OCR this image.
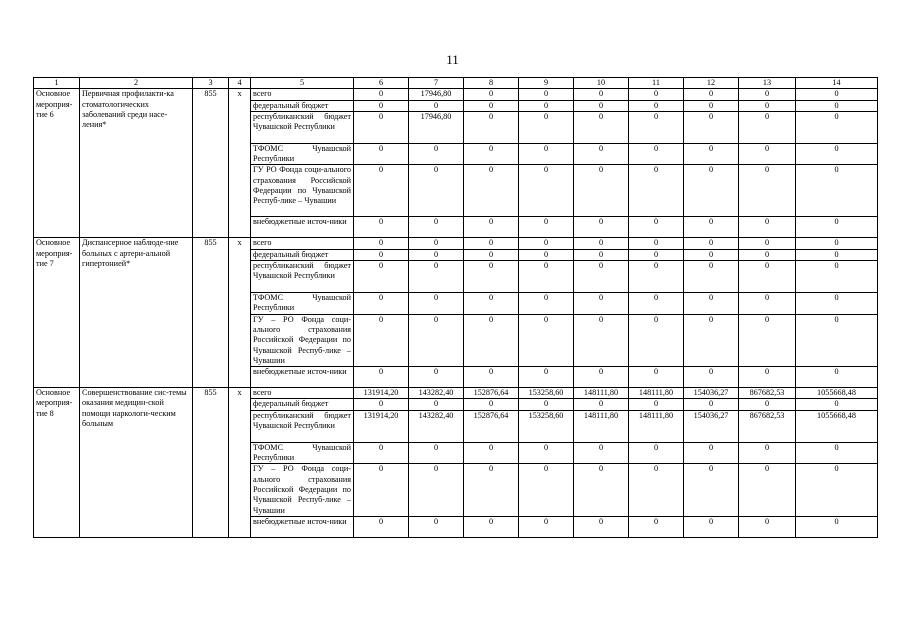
11
1	2	3	4	5	6	7	8	9	10	11	12	13	14
Основное мероприя-тие 6	Первичная профилакти-ка стоматологических заболеваний среди насе-ления*	855	х	всего	0	17946,80	0	0	0	0	0	0	0
				федеральный бюджет	0	0	0	0	0	0	0	0	0
				республиканский бюджет Чувашской Республики	0	17946,80	0	0	0	0	0	0	0
				ТФОМС Чувашской Республики	0	0	0	0	0	0	0	0	0
				ГУ РО Фонда соци-ального страхования Российской Федерации по Чувашской Респуб-лике – Чувашии	0	0	0	0	0	0	0	0	0
				внебюджетные источ-ники	0	0	0	0	0	0	0	0	0
Основное мероприя-тие 7	Диспансерное наблюде-ние больных с артери-альной гипертонией*	855	х	всего	0	0	0	0	0	0	0	0	0
				федеральный бюджет	0	0	0	0	0	0	0	0	0
				республиканский бюджет Чувашской Республики	0	0	0	0	0	0	0	0	0
				ТФОМС Чувашской Республики	0	0	0	0	0	0	0	0	0
				ГУ – РО Фонда соци-ального страхования Российской Федерации по Чувашской Респуб-лике – Чувашии	0	0	0	0	0	0	0	0	0
				внебюджетные источ-ники	0	0	0	0	0	0	0	0	0
Основное мероприя-тие 8	Совершенствование сис-темы оказания медицин-ской помощи наркологи-ческим больным	855	х	всего	131914,20	143282,40	152876,64	153258,60	148111,80	148111,80	154036,27	867682,53	1055668,48
				федеральный бюджет	0	0	0	0	0	0	0	0	0
				республиканский бюджет Чувашской Республики	131914,20	143282,40	152876,64	153258,60	148111,80	148111,80	154036,27	867682,53	1055668,48
				ТФОМС Чувашской Республики	0	0	0	0	0	0	0	0	0
				ГУ – РО Фонда соци-ального страхования Российской Федерации по Чувашской Респуб-лике – Чувашии	0	0	0	0	0	0	0	0	0
				внебюджетные источ-ники	0	0	0	0	0	0	0	0	0
